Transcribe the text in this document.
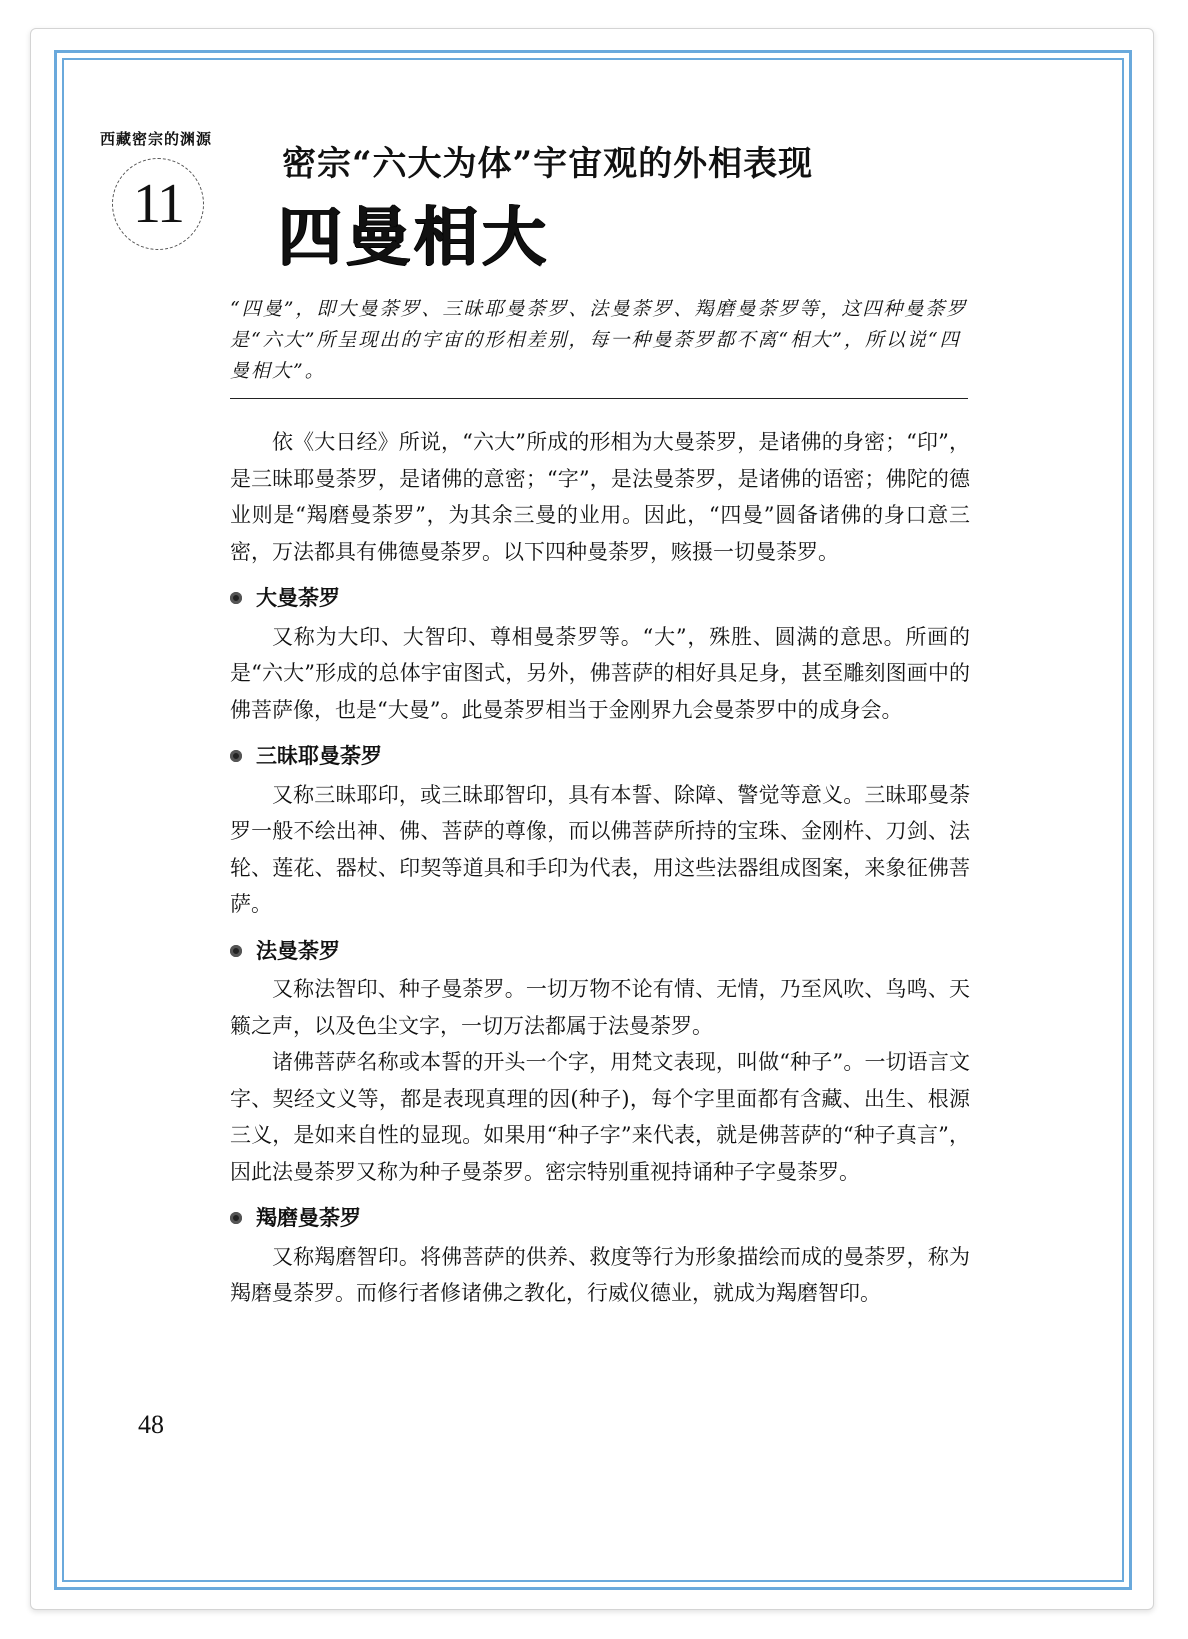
西藏密宗的渊源
11
密宗“六大为体”宇宙观的外相表现
四曼相大
“四曼”，即大曼荼罗、三昧耶曼荼罗、法曼荼罗、羯磨曼荼罗等，这四种曼荼罗是“六大”所呈现出的宇宙的形相差别，每一种曼荼罗都不离“相大”，所以说“四曼相大”。

依《大日经》所说，“六大”所成的形相为大曼荼罗，是诸佛的身密；“印”，是三昧耶曼荼罗，是诸佛的意密；“字”，是法曼荼罗，是诸佛的语密；佛陀的德业则是“羯磨曼荼罗”，为其余三曼的业用。因此，“四曼”圆备诸佛的身口意三密，万法都具有佛德曼荼罗。以下四种曼荼罗，赅摄一切曼荼罗。

大曼荼罗

又称为大印、大智印、尊相曼荼罗等。“大”，殊胜、圆满的意思。所画的是“六大”形成的总体宇宙图式，另外，佛菩萨的相好具足身，甚至雕刻图画中的佛菩萨像，也是“大曼”。此曼荼罗相当于金刚界九会曼荼罗中的成身会。

三昧耶曼荼罗

又称三昧耶印，或三昧耶智印，具有本誓、除障、警觉等意义。三昧耶曼荼罗一般不绘出神、佛、菩萨的尊像，而以佛菩萨所持的宝珠、金刚杵、刀剑、法轮、莲花、器杖、印契等道具和手印为代表，用这些法器组成图案，来象征佛菩萨。

法曼荼罗

又称法智印、种子曼荼罗。一切万物不论有情、无情，乃至风吹、鸟鸣、天籁之声，以及色尘文字，一切万法都属于法曼荼罗。

诸佛菩萨名称或本誓的开头一个字，用梵文表现，叫做“种子”。一切语言文字、契经文义等，都是表现真理的因(种子)，每个字里面都有含藏、出生、根源三义，是如来自性的显现。如果用“种子字”来代表，就是佛菩萨的“种子真言”，因此法曼荼罗又称为种子曼荼罗。密宗特别重视持诵种子字曼荼罗。

羯磨曼荼罗

又称羯磨智印。将佛菩萨的供养、救度等行为形象描绘而成的曼荼罗，称为羯磨曼荼罗。而修行者修诸佛之教化，行威仪德业，就成为羯磨智印。

48
